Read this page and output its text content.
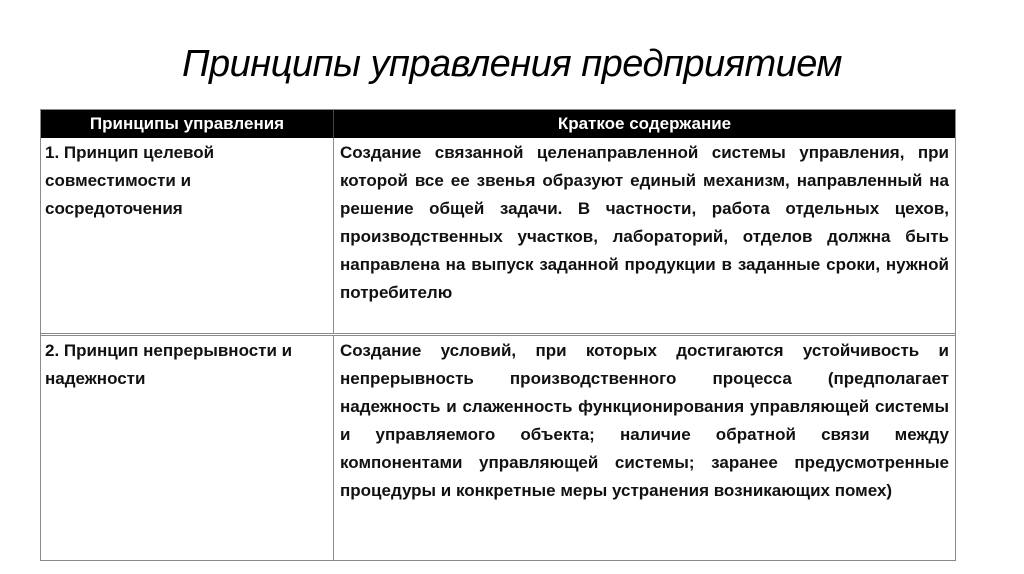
Принципы управления предприятием
Принципы управления	Краткое содержание
1. Принцип целевой совместимости и сосредоточения
Создание связанной целенаправленной системы управления, при которой все ее звенья образуют единый механизм, направленный на решение общей задачи. В частности, работа отдельных цехов, производственных участков, лабораторий, отделов должна быть направлена на выпуск заданной продукции в заданные сроки, нужной потребителю
2. Принцип непрерывности и надежности
Создание условий, при которых достигаются устойчивость и непрерывность производственного процесса (предполагает надежность и слаженность функционирования управляющей системы и управляемого объекта; наличие обратной связи между компонентами управляющей системы; заранее предусмотренные процедуры и конкретные меры устранения возникающих помех)
